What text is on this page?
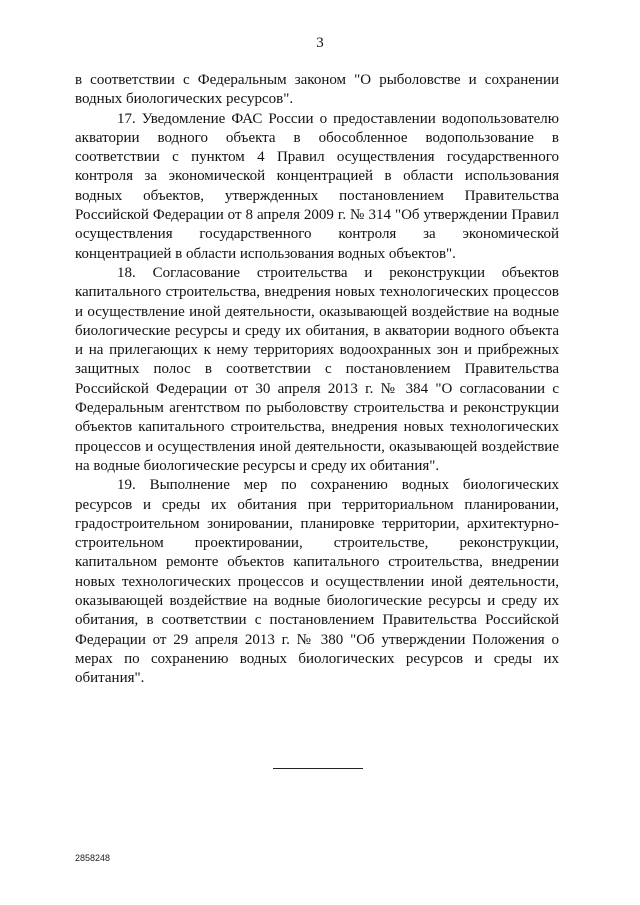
3

в соответствии с Федеральным законом "О рыболовстве и сохранении водных биологических ресурсов".

17. Уведомление ФАС России о предоставлении водопользователю акватории водного объекта в обособленное водопользование в соответствии с пунктом 4 Правил осуществления государственного контроля за экономической концентрацией в области использования водных объектов, утвержденных постановлением Правительства Российской Федерации от 8 апреля 2009 г. № 314 "Об утверждении Правил осуществления государственного контроля за экономической концентрацией в области использования водных объектов".

18. Согласование строительства и реконструкции объектов капитального строительства, внедрения новых технологических процессов и осуществление иной деятельности, оказывающей воздействие на водные биологические ресурсы и среду их обитания, в акватории водного объекта и на прилегающих к нему территориях водоохранных зон и прибрежных защитных полос в соответствии с постановлением Правительства Российской Федерации от 30 апреля 2013 г. № 384 "О согласовании с Федеральным агентством по рыболовству строительства и реконструкции объектов капитального строительства, внедрения новых технологических процессов и осуществления иной деятельности, оказывающей воздействие на водные биологические ресурсы и среду их обитания".

19. Выполнение мер по сохранению водных биологических ресурсов и среды их обитания при территориальном планировании, градостроительном зонировании, планировке территории, архитектурно-строительном проектировании, строительстве, реконструкции, капитальном ремонте объектов капитального строительства, внедрении новых технологических процессов и осуществлении иной деятельности, оказывающей воздействие на водные биологические ресурсы и среду их обитания, в соответствии с постановлением Правительства Российской Федерации от 29 апреля 2013 г. № 380 "Об утверждении Положения о мерах по сохранению водных биологических ресурсов и среды их обитания".

2858248
